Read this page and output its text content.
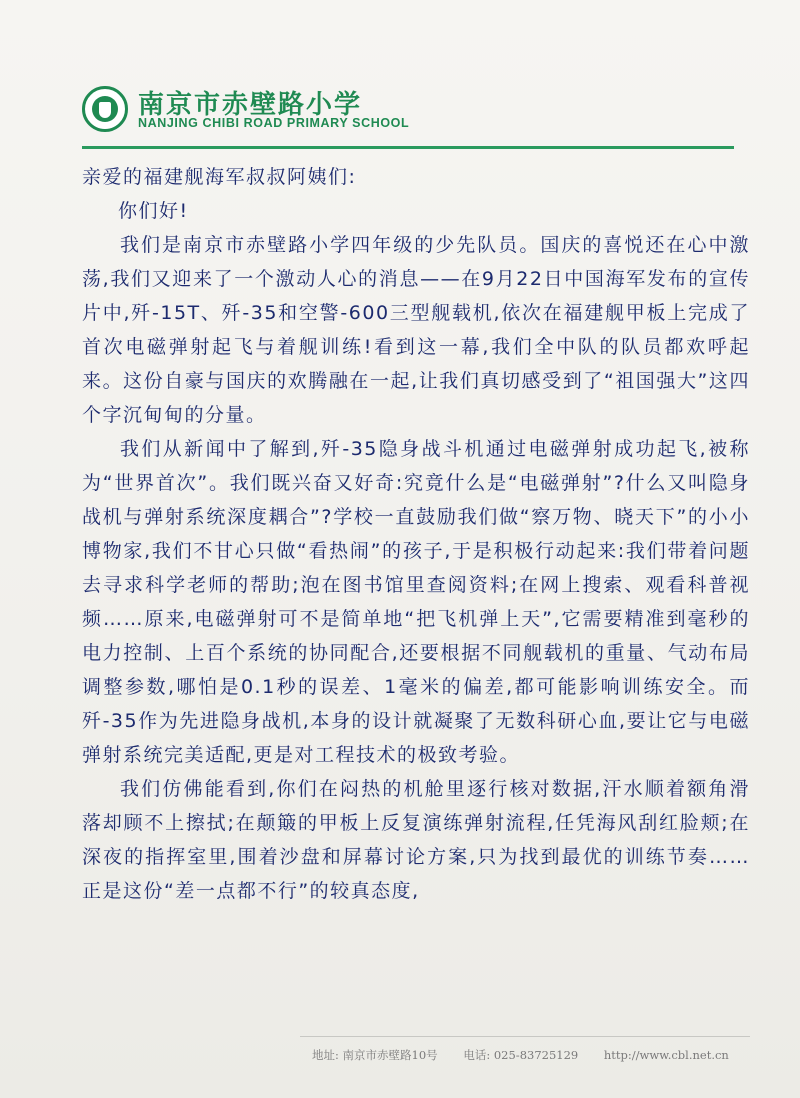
南京市赤壁路小学
NANJING CHIBI ROAD PRIMARY SCHOOL

亲爱的福建舰海军叔叔阿姨们:

你们好!

我们是南京市赤壁路小学四年级的少先队员。国庆的喜悦还在心中激荡,我们又迎来了一个激动人心的消息——在9月22日中国海军发布的宣传片中,歼-15T、歼-35和空警-600三型舰载机,依次在福建舰甲板上完成了首次电磁弹射起飞与着舰训练!看到这一幕,我们全中队的队员都欢呼起来。这份自豪与国庆的欢腾融在一起,让我们真切感受到了“祖国强大”这四个字沉甸甸的分量。

我们从新闻中了解到,歼-35隐身战斗机通过电磁弹射成功起飞,被称为“世界首次”。我们既兴奋又好奇:究竟什么是“电磁弹射”?什么又叫隐身战机与弹射系统深度耦合”?学校一直鼓励我们做“察万物、晓天下”的小小博物家,我们不甘心只做“看热闹”的孩子,于是积极行动起来:我们带着问题去寻求科学老师的帮助;泡在图书馆里查阅资料;在网上搜索、观看科普视频……原来,电磁弹射可不是简单地“把飞机弹上天”,它需要精准到毫秒的电力控制、上百个系统的协同配合,还要根据不同舰载机的重量、气动布局调整参数,哪怕是0.1秒的误差、1毫米的偏差,都可能影响训练安全。而歼-35作为先进隐身战机,本身的设计就凝聚了无数科研心血,要让它与电磁弹射系统完美适配,更是对工程技术的极致考验。

我们仿佛能看到,你们在闷热的机舱里逐行核对数据,汗水顺着额角滑落却顾不上擦拭;在颠簸的甲板上反复演练弹射流程,任凭海风刮红脸颊;在深夜的指挥室里,围着沙盘和屏幕讨论方案,只为找到最优的训练节奏……正是这份“差一点都不行”的较真态度,

地址: 南京市赤壁路10号 电话: 025-83725129 http://www.cbl.net.cn
